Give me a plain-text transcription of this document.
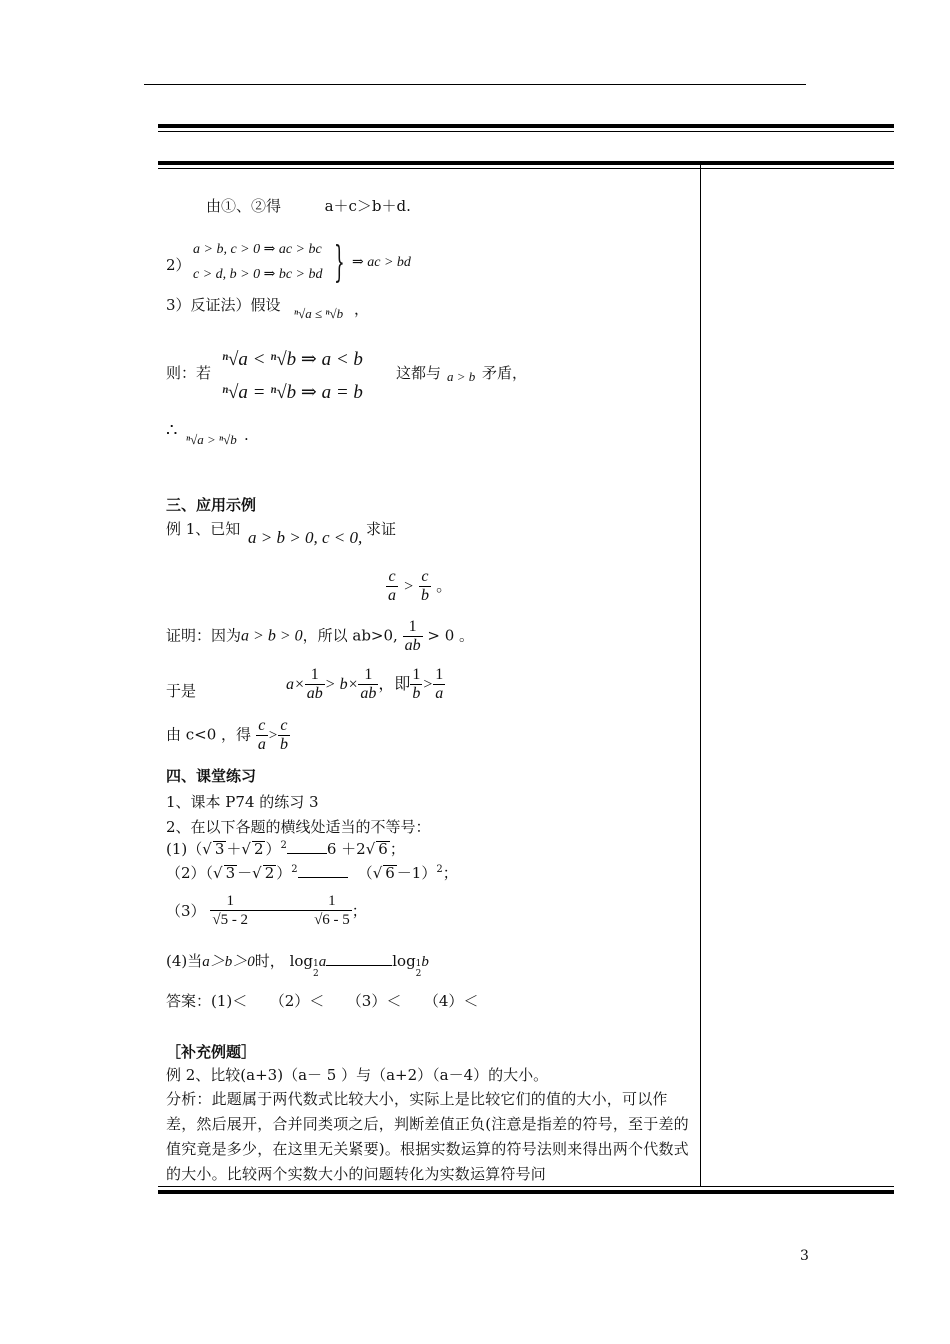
由①、②得	a＋c＞b＋d.
2）
a > b, c > 0 ⇒ ac > bc
c > d, b > 0 ⇒ bc > bd } ⇒ ac > bd
3）反证法）假设 ⁿ√a ≤ ⁿ√b ，
则：若
ⁿ√a < ⁿ√b ⇒ a < b
ⁿ√a = ⁿ√b ⇒ a = b
这都与 a > b 矛盾，
∴ ⁿ√a > ⁿ√b .
三、应用示例
例 1、已知 a > b > 0, c < 0, 求证
$\frac{c}{a} > \frac{c}{b}$ 。
证明：因为a > b > 0，所以 ab>0, $\frac{1}{ab} > 0$ 。
于是	$a\times \frac{1}{ab} > b\times \frac{1}{ab}$ ，即 $\frac{1}{b} > \frac{1}{a}$
由 c<0 ，得 $\frac{c}{a} > \frac{c}{b}$
四、课堂练习
1、课本 P74 的练习 3
2、在以下各题的横线处适当的不等号：
(1)（√ 3 ＋√ 2 ）$^2$	6 ＋2√ 6 ；
（2）（√ 3 －√ 2 ）$^2$	（√ 6 －1）$^2$；
$(3) \frac{1}{√5 - 2}$	$\frac{1}{√6 - 5}$ ；
(4)当a＞b＞0时， log1
2a	log1
2b
答案：(1)＜　　（2）＜　　（3）＜　　（4）＜
［补充例题］
例 2、比较(a+3)（a－ 5 ）与（a+2）（a－4）的大小。
分析：此题属于两代数式比较大小，实际上是比较它们的值的大小，可以作差，然后展开，合并同类项之后，判断差值正负(注意是指差的符号，至于差的值究竟是多少，在这里无关紧要)。根据实数运算的符号法则来得出两个代数式的大小。比较两个实数大小的问题转化为实数运算符号问
3
